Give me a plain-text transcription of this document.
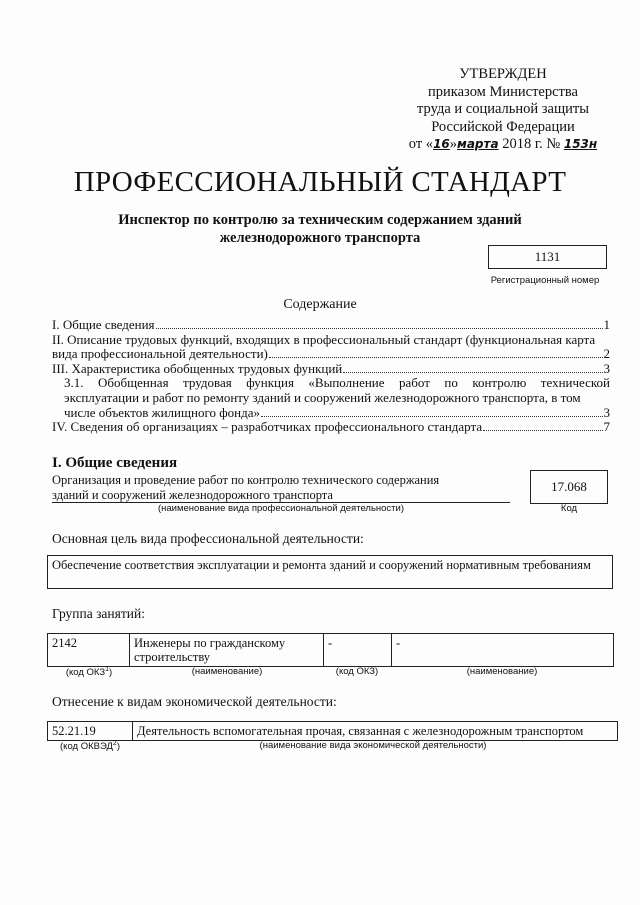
УТВЕРЖДЕН
приказом Министерства
труда и социальной защиты
Российской Федерации
от «16»марта 2018 г. № 153н
ПРОФЕССИОНАЛЬНЫЙ СТАНДАРТ
Инспектор по контролю за техническим содержанием зданий железнодорожного транспорта
1131
Регистрационный номер
Содержание
I. Общие сведения	1
II. Описание трудовых функций, входящих в профессиональный стандарт (функциональная карта
вида профессиональной деятельности)	2
III. Характеристика обобщенных трудовых функций	3
3.1. Обобщенная трудовая функция «Выполнение работ по контролю технической
эксплуатации и работ по ремонту зданий и сооружений железнодорожного транспорта, в том
числе объектов жилищного фонда»	3
IV. Сведения об организациях – разработчиках профессионального стандарта	7
I. Общие сведения
Организация и проведение работ по контролю технического содержания
зданий и сооружений железнодорожного транспорта
(наименование вида профессиональной деятельности)
17.068
Код
Основная цель вида профессиональной деятельности:
Обеспечение соответствия эксплуатации и ремонта зданий и сооружений нормативным требованиям
Группа занятий:
2142	Инженеры по гражданскому строительству	-	-
(код ОКЗ$^1$)	(наименование)	(код ОКЗ)	(наименование)
Отнесение к видам экономической деятельности:
52.21.19	Деятельность вспомогательная прочая, связанная с железнодорожным транспортом
(код ОКВЭД$^2$)	(наименование вида экономической деятельности)
